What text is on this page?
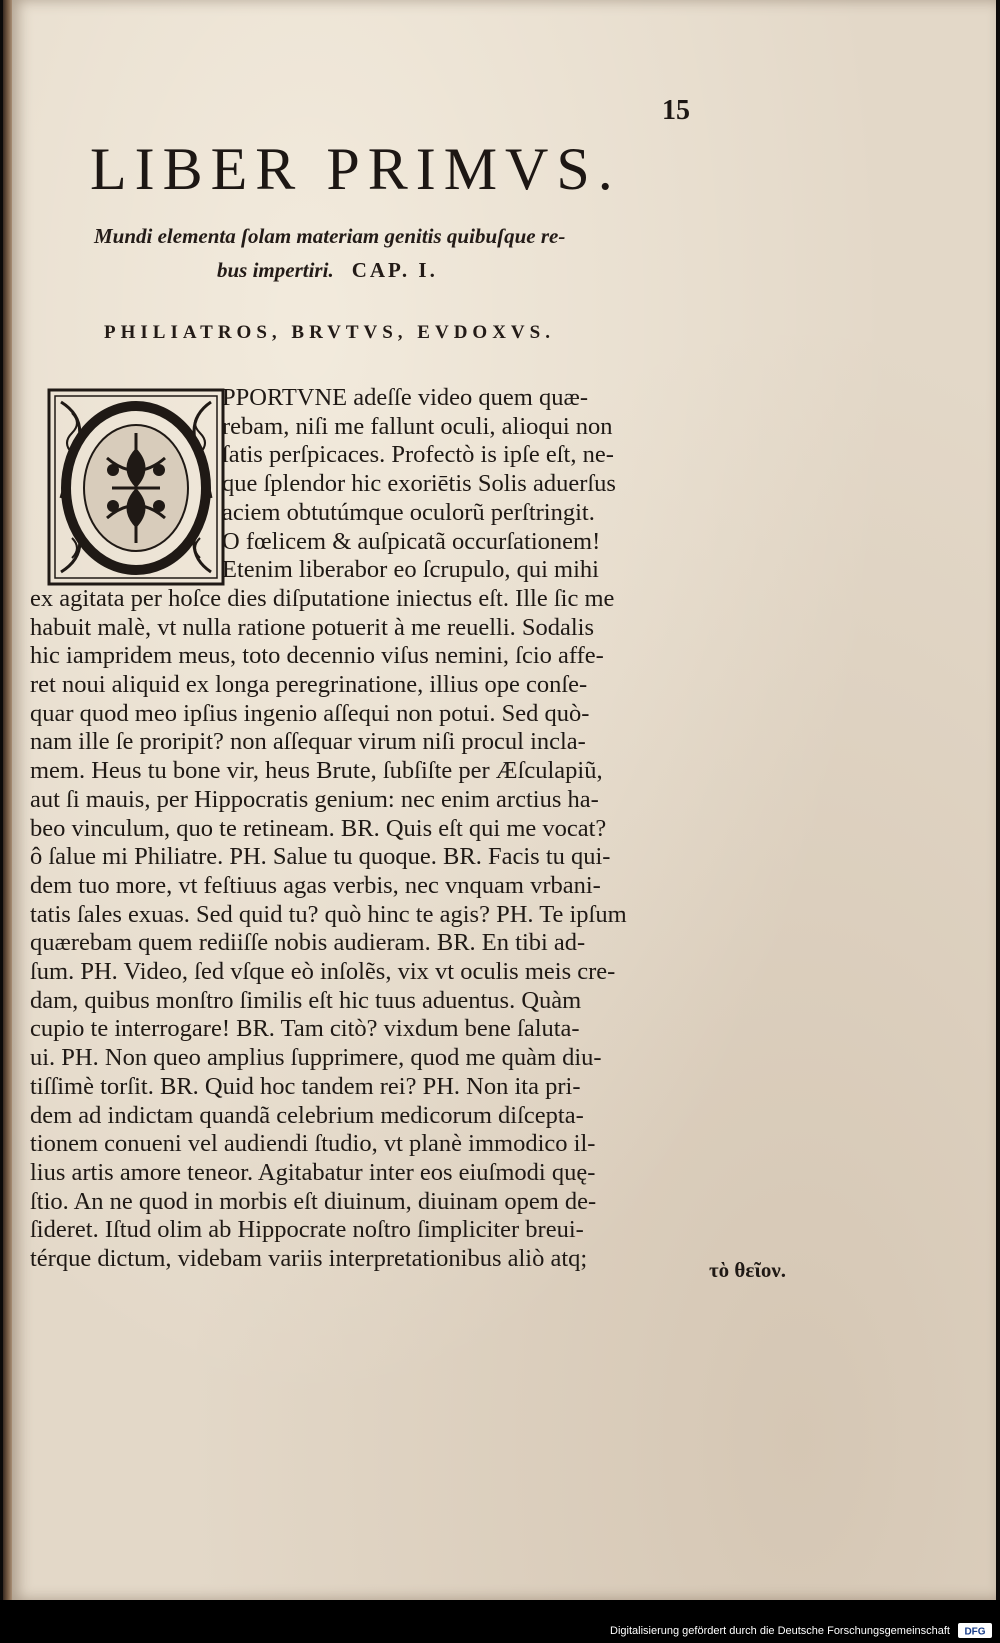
15
LIBER PRIMVS.
Mundi elementa ſolam materiam genitis quibuſque re-
bus impertiri. CAP. I.
PHILIATROS, BRVTVS, EVDOXVS.
PPORTVNE adeſſe video quem quæ-
rebam, niſi me fallunt oculi, alioqui non
ſatis perſpicaces. Profectò is ipſe eſt, ne-
que ſplendor hic exoriētis Solis aduerſus
aciem obtutúmque oculorũ perſtringit.
O fœlicem & auſpicatã occurſationem!
Etenim liberabor eo ſcrupulo, qui mihi
ex agitata per hoſce dies diſputatione iniectus eſt. Ille ſic me
habuit malè, vt nulla ratione potuerit à me reuelli. Sodalis
hic iampridem meus, toto decennio viſus nemini, ſcio affe-
ret noui aliquid ex longa peregrinatione, illius ope conſe-
quar quod meo ipſius ingenio aſſequi non potui. Sed quò-
nam ille ſe proripit? non aſſequar virum niſi procul incla-
mem. Heus tu bone vir, heus Brute, ſubſiſte per Æſculapiũ,
aut ſi mauis, per Hippocratis genium: nec enim arctius ha-
beo vinculum, quo te retineam. BR. Quis eſt qui me vocat?
ô ſalue mi Philiatre. PH. Salue tu quoque. BR. Facis tu qui-
dem tuo more, vt feſtiuus agas verbis, nec vnquam vrbani-
tatis ſales exuas. Sed quid tu? quò hinc te agis? PH. Te ipſum
quærebam quem rediiſſe nobis audieram. BR. En tibi ad-
ſum. PH. Video, ſed vſque eò inſolẽs, vix vt oculis meis cre-
dam, quibus monſtro ſimilis eſt hic tuus aduentus. Quàm
cupio te interrogare! BR. Tam citò? vixdum bene ſaluta-
ui. PH. Non queo amplius ſupprimere, quod me quàm diu-
tiſſimè torſit. BR. Quid hoc tandem rei? PH. Non ita pri-
dem ad indictam quandã celebrium medicorum diſcepta-
tionem conueni vel audiendi ſtudio, vt planè immodico il-
lius artis amore teneor. Agitabatur inter eos eiuſmodi quę-
ſtio. An ne quod in morbis eſt diuinum, diuinam opem de-
ſideret. Iſtud olim ab Hippocrate noſtro ſimpliciter breui-
térque dictum, videbam variis interpretationibus aliò atq;	τὸ θεῖον.
Digitalisierung gefördert durch die Deutsche Forschungsgemeinschaft DFG
